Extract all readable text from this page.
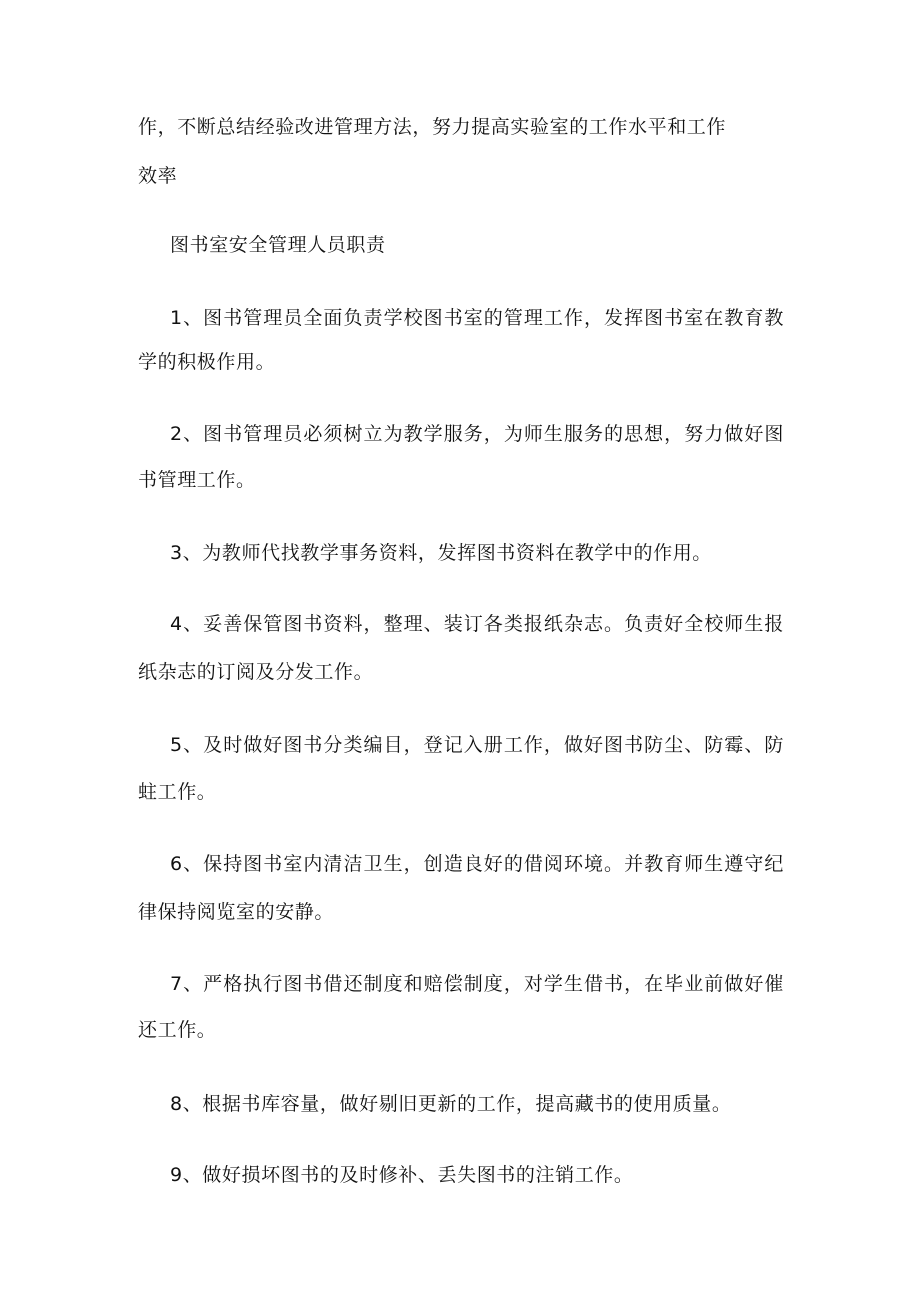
作，不断总结经验改进管理方法，努力提高实验室的工作水平和工作

效率

图书室安全管理人员职责

1、图书管理员全面负责学校图书室的管理工作，发挥图书室在教育教

学的积极作用。

2、图书管理员必须树立为教学服务，为师生服务的思想，努力做好图

书管理工作。

3、为教师代找教学事务资料，发挥图书资料在教学中的作用。

4、妥善保管图书资料，整理、装订各类报纸杂志。负责好全校师生报

纸杂志的订阅及分发工作。

5、及时做好图书分类编目，登记入册工作，做好图书防尘、防霉、防

蛀工作。

6、保持图书室内清洁卫生，创造良好的借阅环境。并教育师生遵守纪

律保持阅览室的安静。

7、严格执行图书借还制度和赔偿制度，对学生借书，在毕业前做好催

还工作。

8、根据书库容量，做好剔旧更新的工作，提高藏书的使用质量。

9、做好损坏图书的及时修补、丢失图书的注销工作。
